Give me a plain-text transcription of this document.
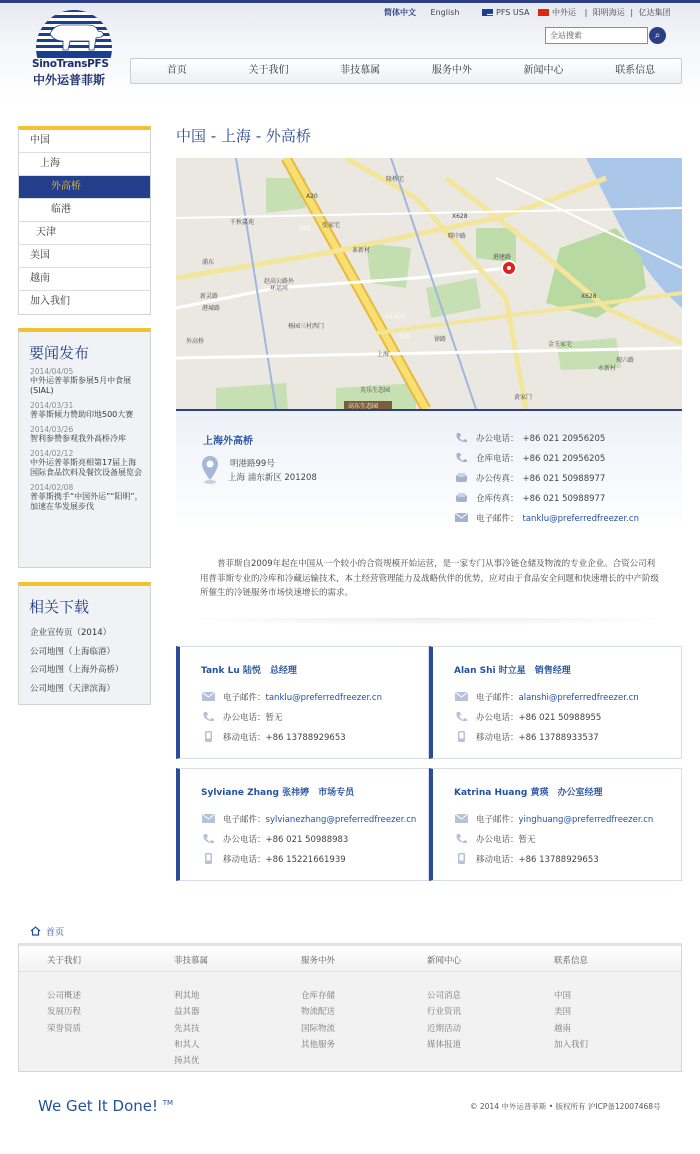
SinoTransPFS
中外运普菲斯
简体中文 English	PFS USA	中外运 | 阳明海运 | 亿达集团
全站搜索	⌕
首页	关于我们	菲技慕属	服务中外	新闻中心	联系信息
中国
上海
外高桥
临港
天津
美国
越南
加入我们
要闻发布
2014/04/05
中外运普菲斯参展5月中食展(SIAL)
2014/03/31
普菲斯倾力赞助印地500大赛
2014/03/26
智利参赞参观我外高桥冷库
2014/02/12
中外运普菲斯亮相第17届上海国际食品饮料及餐饮设备展览会
2014/02/08
普菲斯携手“中国外运”“阳明”，加速在华发展步伐
相关下载
企业宣传页（2014）
公司地图（上海临港）
公司地图（上海外高桥）
公司地图（天津滨海）
中国 - 上海 - 外高桥
港建路
X628
X628
S20
S20
A20
G1501
千秋嘉苑	张家宅
革新村
赵高公路外
环运河
新灵路
港城路
杨园三村西门
徐路
金王家宅
永新村
黄家门
上海
英乐生态园
隆桥宅
现六路
曙中路
浦东
高东生态园
外高桥
上海外高桥
明港路99号
上海 浦东新区 201208
办公电话： +86 021 20956205
仓库电话： +86 021 20956205
办公传真： +86 021 50988977
仓库传真： +86 021 50988977
电子邮件： tanklu@preferredfreezer.cn
普菲斯自2009年起在中国从一个较小的合资规模开始运营，是一家专门从事冷链仓储及物流的专业企业。合资公司利用普菲斯专业的冷库和冷藏运输技术，本土经营管理能力及战略伙伴的优势，应对由于食品安全问题和快速增长的中产阶级所催生的冷链服务市场快速增长的需求。
Tank Lu 陆悦　总经理
电子邮件：tanklu@preferredfreezer.cn
办公电话：暂无
移动电话：+86 13788929653
Alan Shi 时立星　销售经理
电子邮件：alanshi@preferredfreezer.cn
办公电话：+86 021 50988955
移动电话：+86 13788933537
Sylviane Zhang 张祎婷　市场专员
电子邮件：sylvianezhang@preferredfreezer.cn
办公电话：+86 021 50988983
移动电话：+86 15221661939
Katrina Huang 黄瑛　办公室经理
电子邮件：yinghuang@preferredfreezer.cn
办公电话：暂无
移动电话：+86 13788929653
首页
关于我们
公司概述
发展历程
荣誉资质
菲技慕属
利其地
益其器
先其技
和其人
扬其优
服务中外
仓库存储
物流配送
国际物流
其他服务
新闻中心
公司消息
行业资讯
近期活动
媒体报道
联系信息
中国
美国
越南
加入我们
We Get It Done! ™	© 2014 中外运普菲斯 • 版权所有 沪ICP备12007468号
